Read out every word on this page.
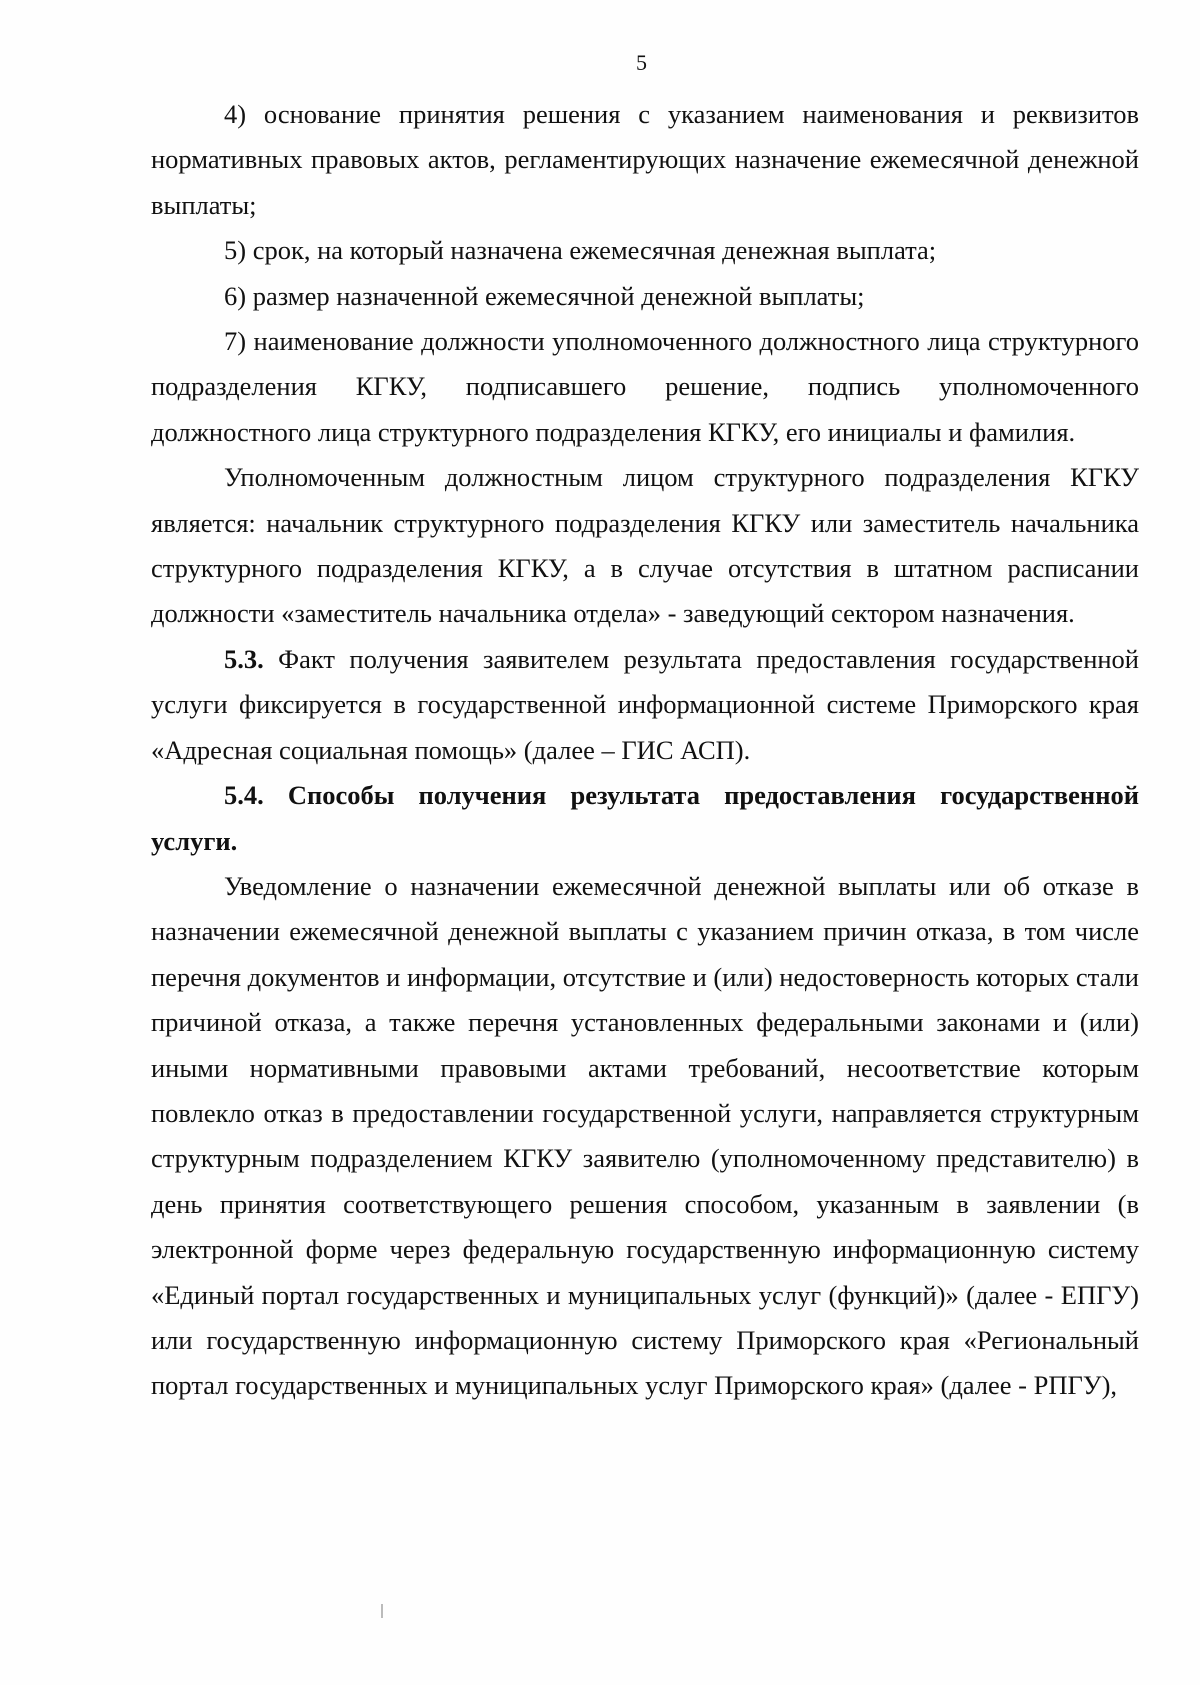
5

4) основание принятия решения с указанием наименования и реквизитов нормативных правовых актов, регламентирующих назначение ежемесячной денежной выплаты;

5) срок, на который назначена ежемесячная денежная выплата;

6) размер назначенной ежемесячной денежной выплаты;

7) наименование должности уполномоченного должностного лица структурного подразделения КГКУ, подписавшего решение, подпись уполномоченного должностного лица структурного подразделения КГКУ, его инициалы и фамилия.

Уполномоченным должностным лицом структурного подразделения КГКУ является: начальник структурного подразделения КГКУ или заместитель начальника структурного подразделения КГКУ, а в случае отсутствия в штатном расписании должности «заместитель начальника отдела» - заведующий сектором назначения.

5.3. Факт получения заявителем результата предоставления государственной услуги фиксируется в государственной информационной системе Приморского края «Адресная социальная помощь» (далее – ГИС АСП).

5.4. Способы получения результата предоставления государственной услуги.

Уведомление о назначении ежемесячной денежной выплаты или об отказе в назначении ежемесячной денежной выплаты с указанием причин отказа, в том числе перечня документов и информации, отсутствие и (или) недостоверность которых стали причиной отказа, а также перечня установленных федеральными законами и (или) иными нормативными правовыми актами требований, несоответствие которым повлекло отказ в предоставлении государственной услуги, направляется структурным структурным подразделением КГКУ заявителю (уполномоченному представителю) в день принятия соответствующего решения способом, указанным в заявлении (в электронной форме через федеральную государственную информационную систему «Единый портал государственных и муниципальных услуг (функций)» (далее - ЕПГУ) или государственную информационную систему Приморского края «Региональный портал государственных и муниципальных услуг Приморского края» (далее - РПГУ),
